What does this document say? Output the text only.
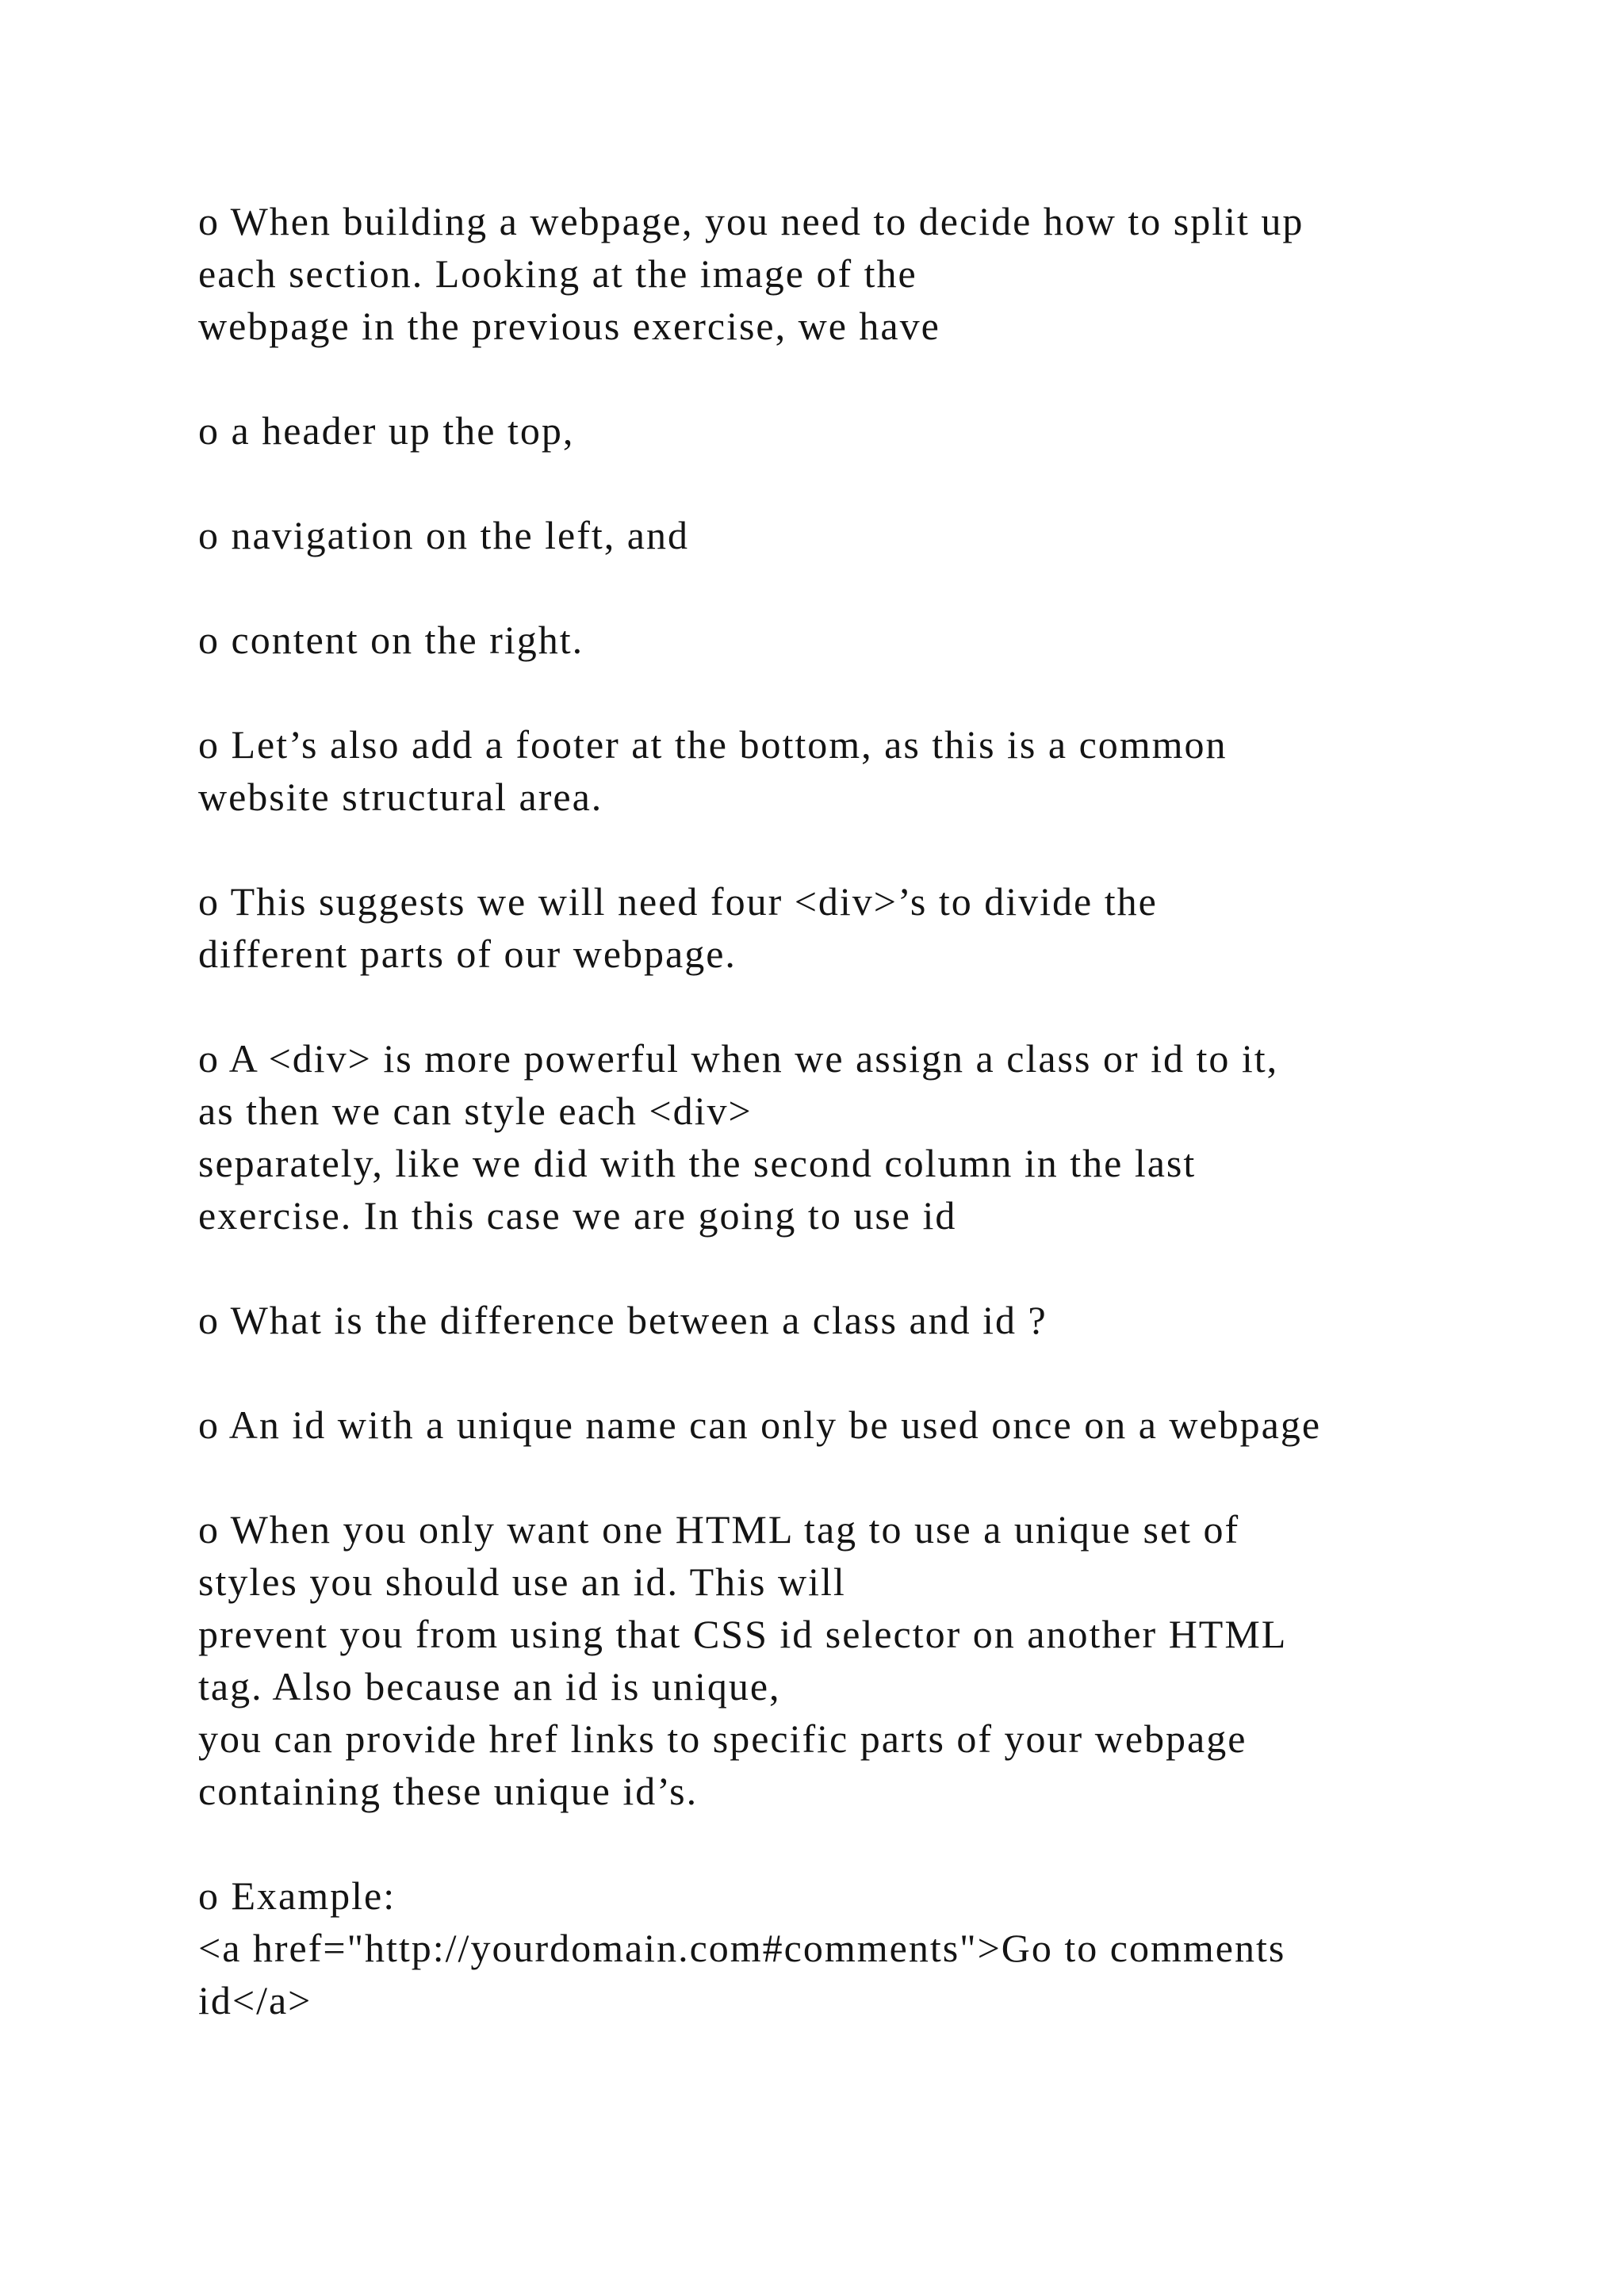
o When building a webpage, you need to decide how to split up
each section. Looking at the image of the
webpage in the previous exercise, we have

o a header up the top,

o navigation on the left, and

o content on the right.

o Let’s also add a footer at the bottom, as this is a common
website structural area.

o This suggests we will need four <div>’s to divide the
different parts of our webpage.

o A <div> is more powerful when we assign a class or id to it,
as then we can style each <div>
separately, like we did with the second column in the last
exercise. In this case we are going to use id

o What is the difference between a class and id ?

o An id with a unique name can only be used once on a webpage

o When you only want one HTML tag to use a unique set of
styles you should use an id. This will
prevent you from using that CSS id selector on another HTML
tag. Also because an id is unique,
you can provide href links to specific parts of your webpage
containing these unique id’s.

o Example:
<a href="http://yourdomain.com#comments">Go to comments
id</a>
